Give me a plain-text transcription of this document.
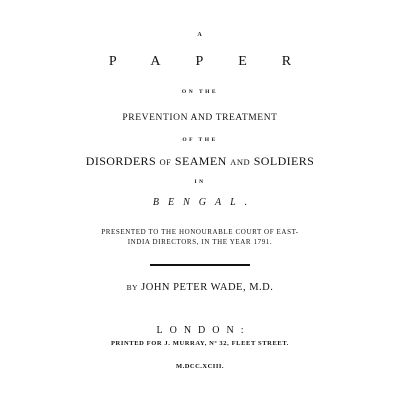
A
PAPER
ON THE
PREVENTION AND TREATMENT
OF THE
DISORDERS OF SEAMEN AND SOLDIERS
IN
BENGAL.
PRESENTED TO THE HONOURABLE COURT OF EAST-
INDIA DIRECTORS, IN THE YEAR 1791.
BY JOHN PETER WADE, M.D.
LONDON:
PRINTED FOR J. MURRAY, Nº 32, FLEET STREET.
M.DCC.XCIII.
